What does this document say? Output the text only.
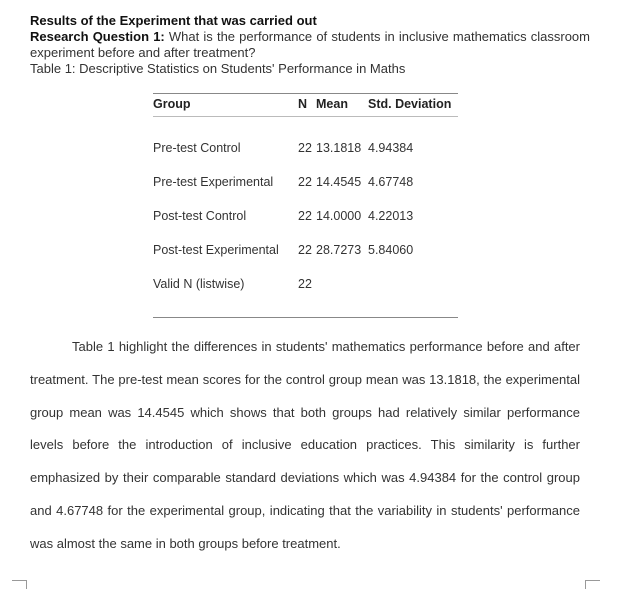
Results of the Experiment that was carried out
Research Question 1: What is the performance of students in inclusive mathematics classroom experiment before and after treatment?
Table 1: Descriptive Statistics on Students' Performance in Maths
Group	N Mean Std. Deviation
Pre-test Control	22 13.1818 4.94384
Pre-test Experimental 22 14.4545 4.67748
Post-test Control	22 14.0000 4.22013
Post-test Experimental 22 28.7273 5.84060
Valid N (listwise)	22
Table 1 highlight the differences in students' mathematics performance before and after treatment. The pre-test mean scores for the control group mean was 13.1818, the experimental group mean was 14.4545 which shows that both groups had relatively similar performance levels before the introduction of inclusive education practices. This similarity is further emphasized by their comparable standard deviations which was 4.94384 for the control group and 4.67748 for the experimental group, indicating that the variability in students' performance was almost the same in both groups before treatment.
